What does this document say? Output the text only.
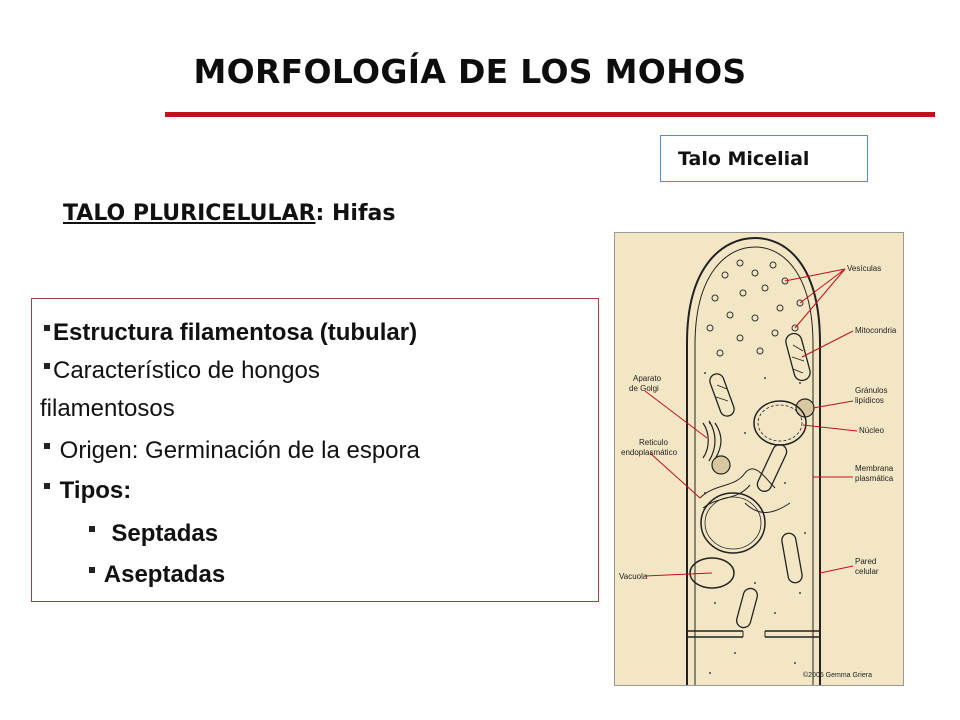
MORFOLOGÍA DE LOS MOHOS
Talo Micelial
TALO PLURICELULAR: Hifas
Estructura filamentosa (tubular)
Característico de hongos
filamentosos
Origen: Germinación de la espora
Tipos:
Septadas
Aseptadas
Vesículas
Mitocondria
Aparato
de Golgi	Gránulos
lipídicos
Núcleo
Reticulo
endoplasmático
Membrana
plasmática
Vacuola
Pared
celular
©2005 Gemma Griera
